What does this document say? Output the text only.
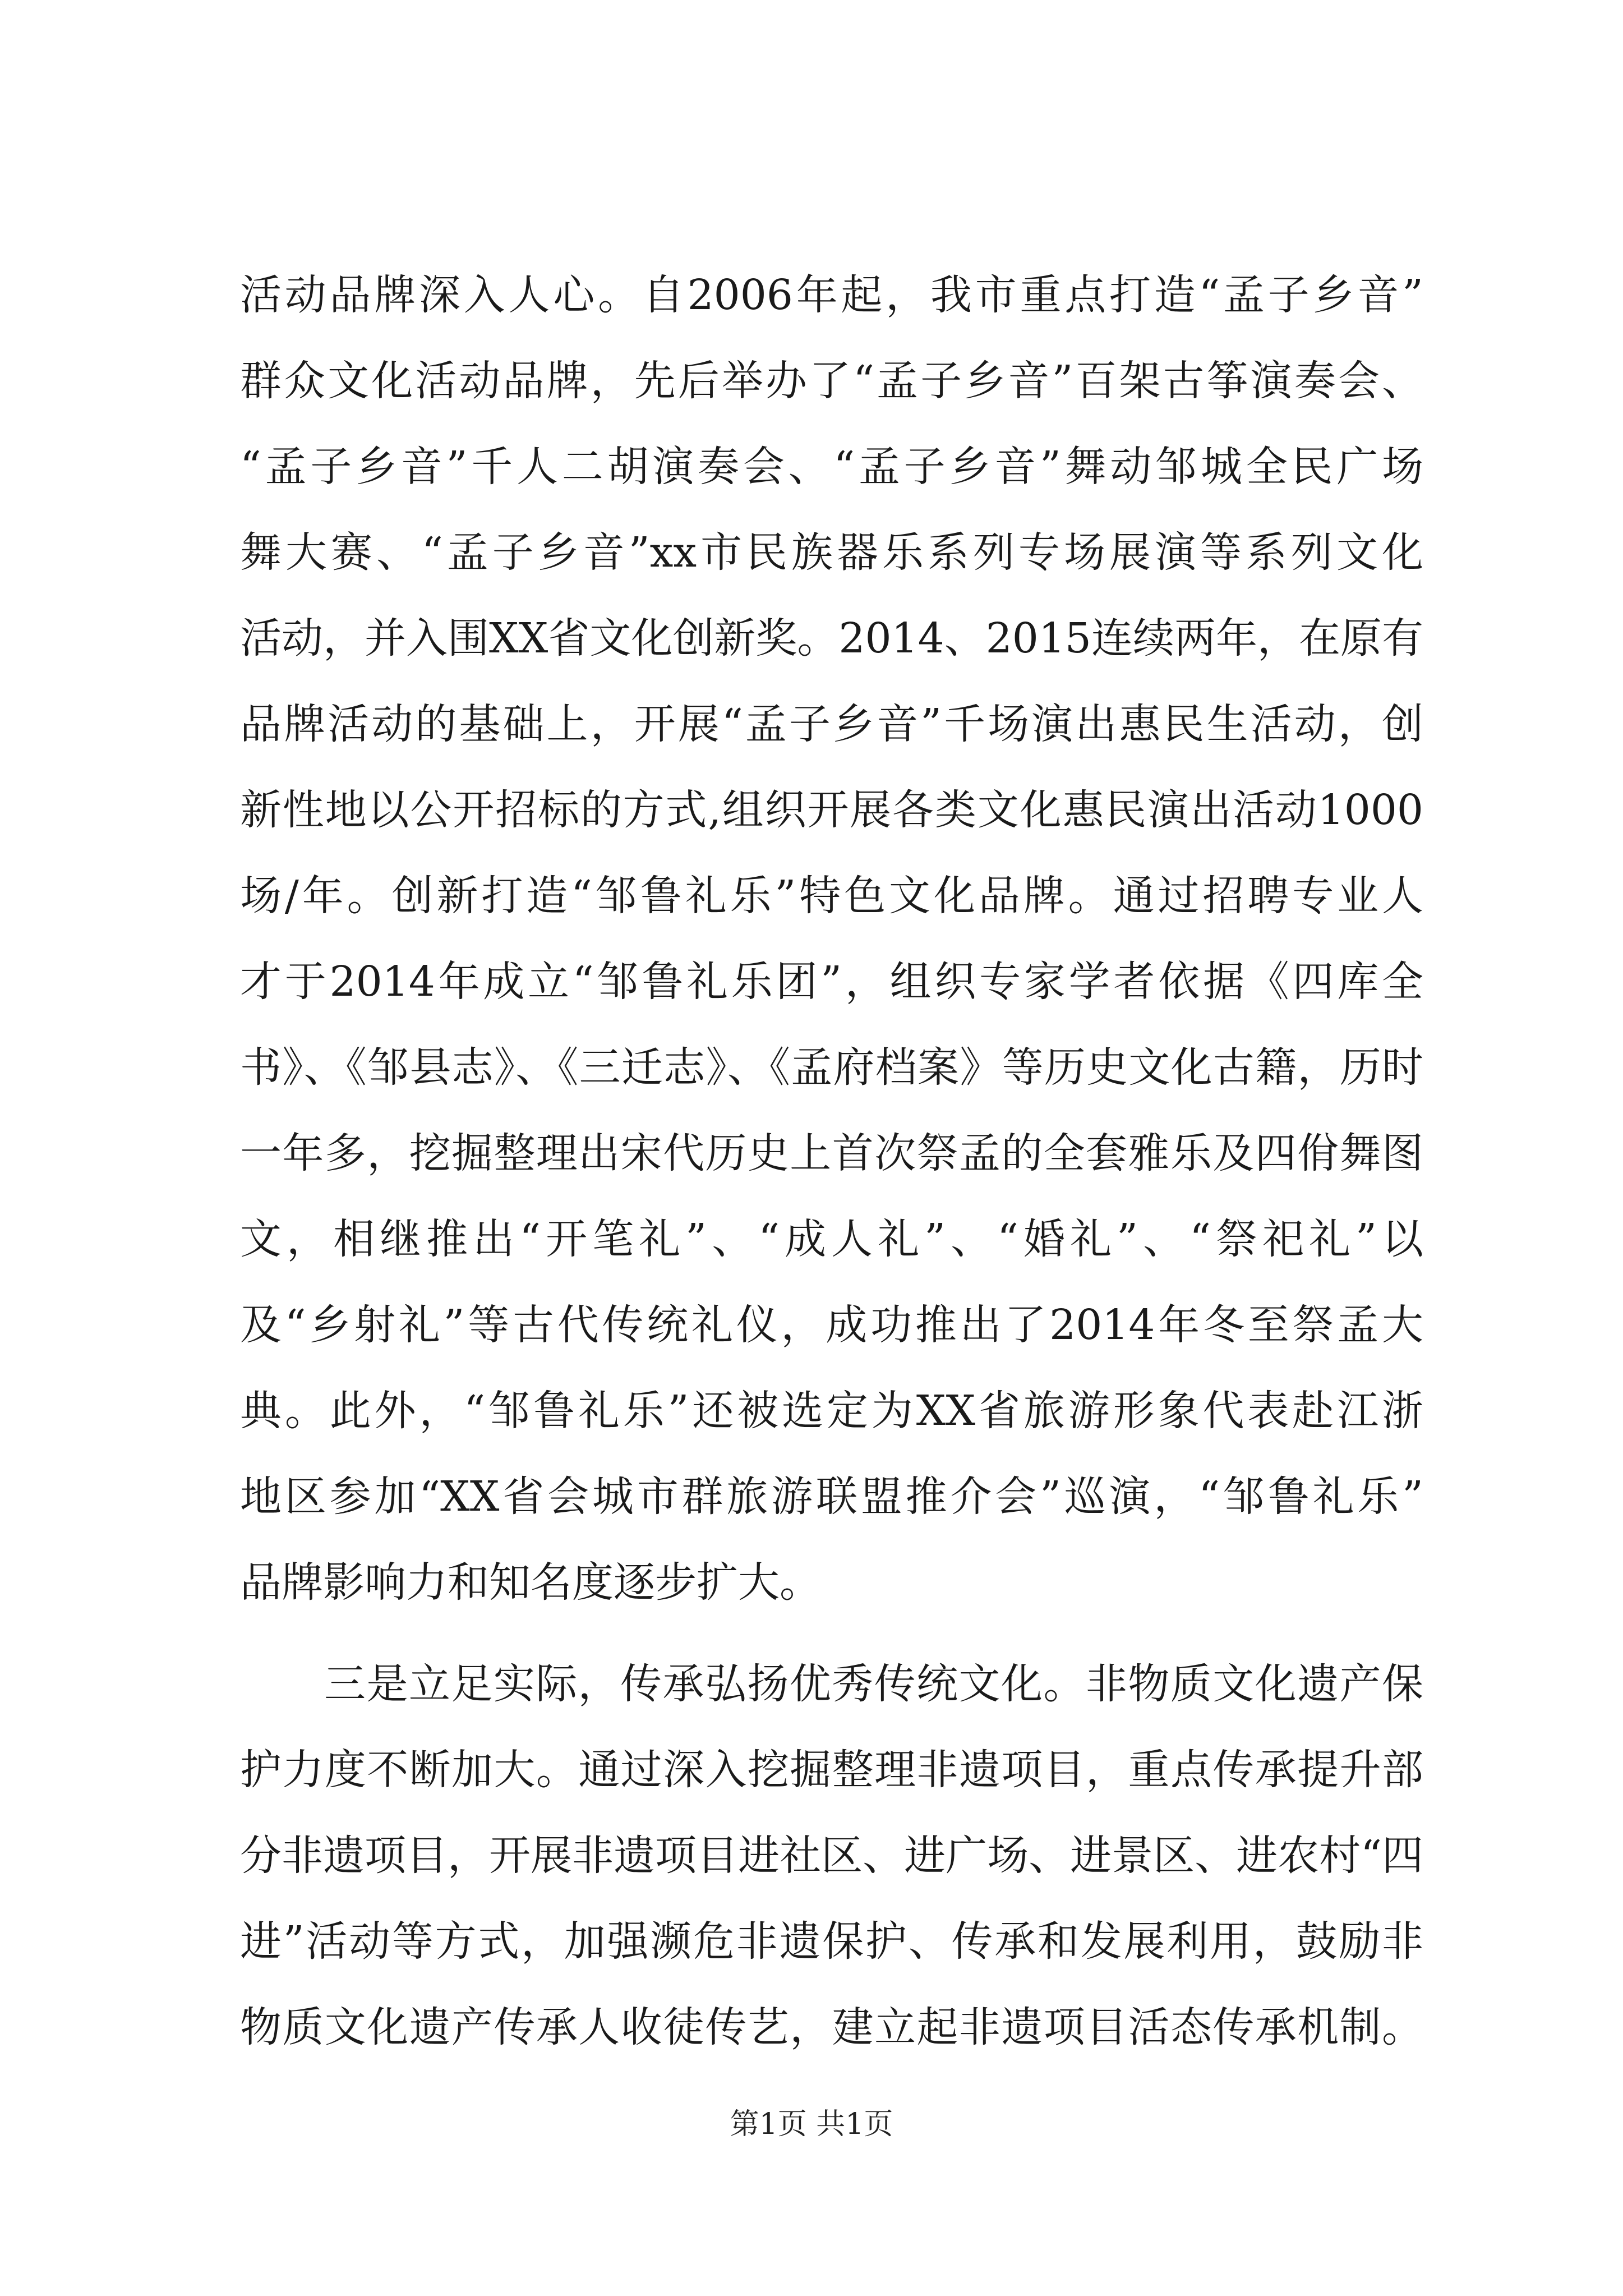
活动品牌深入人心。自2006年起，我市重点打造“孟子乡音”
群众文化活动品牌，先后举办了“孟子乡音”百架古筝演奏会、
“孟子乡音”千人二胡演奏会、“孟子乡音”舞动邹城全民广场
舞大赛、“孟子乡音”xx市民族器乐系列专场展演等系列文化
活动，并入围XX省文化创新奖。2014、2015连续两年，在原有
品牌活动的基础上，开展“孟子乡音”千场演出惠民生活动，创
新性地以公开招标的方式,组织开展各类文化惠民演出活动1000
场/年。创新打造“邹鲁礼乐”特色文化品牌。通过招聘专业人
才于2014年成立“邹鲁礼乐团”，组织专家学者依据《四库全
书》、《邹县志》、《三迁志》、《孟府档案》等历史文化古籍，历时
一年多，挖掘整理出宋代历史上首次祭孟的全套雅乐及四佾舞图
文，相继推出“开笔礼”、“成人礼”、“婚礼”、“祭祀礼”以
及“乡射礼”等古代传统礼仪，成功推出了2014年冬至祭孟大
典。此外，“邹鲁礼乐”还被选定为XX省旅游形象代表赴江浙
地区参加“XX省会城市群旅游联盟推介会”巡演，“邹鲁礼乐”
品牌影响力和知名度逐步扩大。
三是立足实际，传承弘扬优秀传统文化。非物质文化遗产保
护力度不断加大。通过深入挖掘整理非遗项目，重点传承提升部
分非遗项目，开展非遗项目进社区、进广场、进景区、进农村“四
进”活动等方式，加强濒危非遗保护、传承和发展利用，鼓励非
物质文化遗产传承人收徒传艺，建立起非遗项目活态传承机制。
第1页 共1页
